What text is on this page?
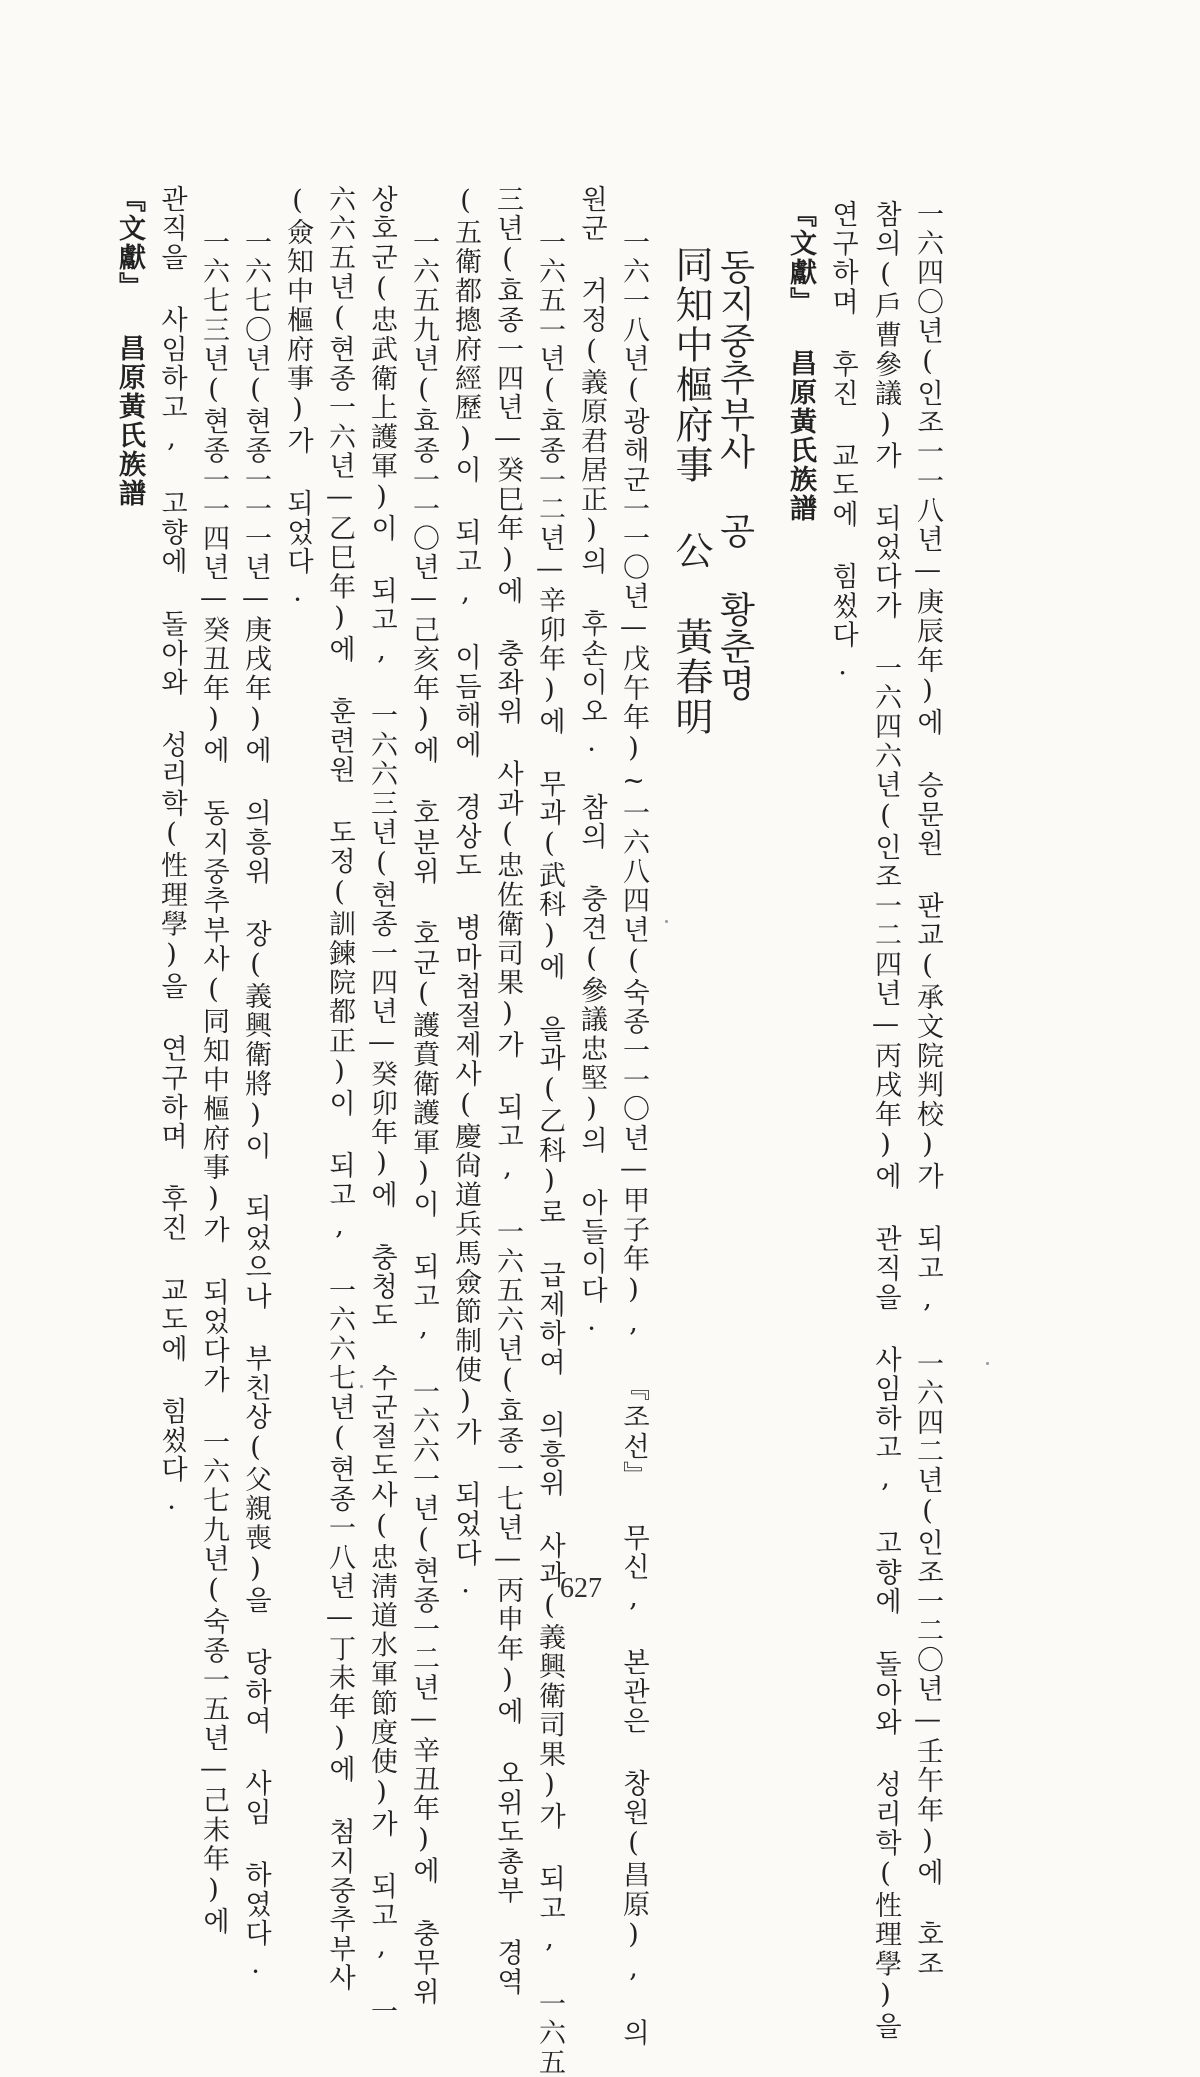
一六四〇년(인조一一八년—庚辰年)에 승문원 판교(承文院判校)가 되고, 一六四二년(인조一二〇년—壬午年)에 호조
참의(戶曹參議)가 되었다가 一六四六년(인조一二四년—丙戌年)에 관직을 사임하고, 고향에 돌아와 성리학(性理學)을
연구하며 후진 교도에 힘썼다.
『文獻』 昌原黃氏族譜
동지중추부사 공 황춘명
同知中樞府事 公 黃春明
一六一八년(광해군一一〇년—戊午年)~一六八四년(숙종一一〇년—甲子年), 『조선』 무신, 본관은 창원(昌原), 의
원군 거정(義原君居正)의 후손이오. 참의 충견(參議忠堅)의 아들이다.
一六五一년(효종一二년—辛卯年)에 무과(武科)에 을과(乙科)로 급제하여 의흥위 사과(義興衛司果)가 되고, 一六五
三년(효종一四년—癸巳年)에 충좌위 사과(忠佐衛司果)가 되고, 一六五六년(효종一七년—丙申年)에 오위도총부 경역
(五衛都摠府經歷)이 되고, 이듬해에 경상도 병마첨절제사(慶尙道兵馬僉節制使)가 되었다.
一六五九년(효종一一〇년—己亥年)에 호분위 호군(護賁衛護軍)이 되고, 一六六一년(현종一二년—辛丑年)에 충무위
상호군(忠武衛上護軍)이 되고, 一六六三년(현종一四년—癸卯年)에 충청도 수군절도사(忠淸道水軍節度使)가 되고, 一
六六五년(현종一六년—乙巳年)에 훈련원 도정(訓鍊院都正)이 되고, 一六六七년(현종一八년—丁未年)에 첨지중추부사
(僉知中樞府事)가 되었다.
一六七〇년(현종一一一년—庚戌年)에 의흥위 장(義興衛將)이 되었으나 부친상(父親喪)을 당하여 사임 하였다.
一六七三년(현종一一四년—癸丑年)에 동지중추부사(同知中樞府事)가 되었다가 一六七九년(숙종一五년—己未年)에
관직을 사임하고, 고향에 돌아와 성리학(性理學)을 연구하며 후진 교도에 힘썼다.
『文獻』 昌原黃氏族譜
627
